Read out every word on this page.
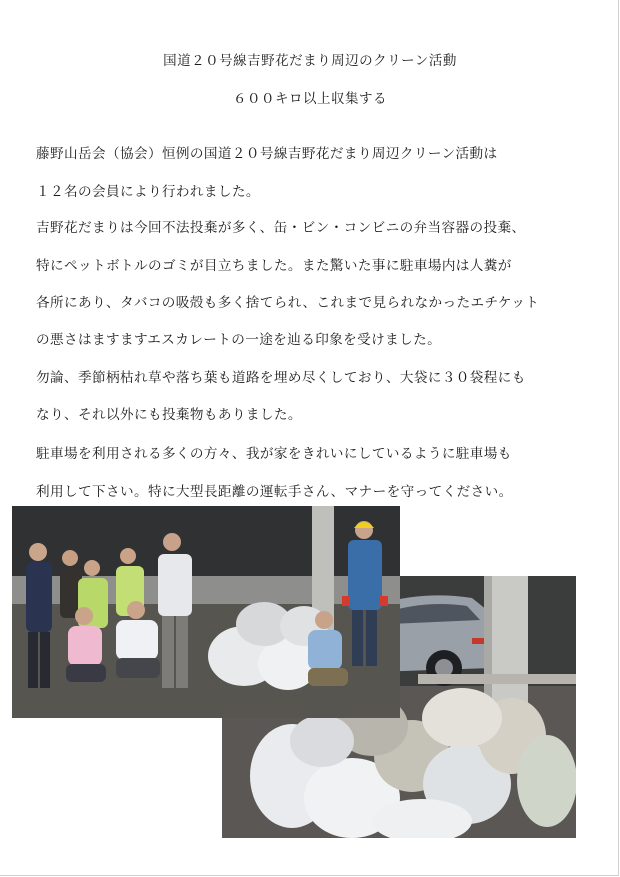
国道２０号線吉野花だまり周辺のクリーン活動
６００キロ以上収集する
藤野山岳会（協会）恒例の国道２０号線吉野花だまり周辺クリーン活動は
１２名の会員により行われました。
吉野花だまりは今回不法投棄が多く、缶・ビン・コンビニの弁当容器の投棄、
特にペットボトルのゴミが目立ちました。また驚いた事に駐車場内は人糞が
各所にあり、タバコの吸殻も多く捨てられ、これまで見られなかったエチケット
の悪さはますますエスカレートの一途を辿る印象を受けました。
勿論、季節柄枯れ草や落ち葉も道路を埋め尽くしており、大袋に３０袋程にも
なり、それ以外にも投棄物もありました。
駐車場を利用される多くの方々、我が家をきれいにしているように駐車場も
利用して下さい。特に大型長距離の運転手さん、マナーを守ってください。
